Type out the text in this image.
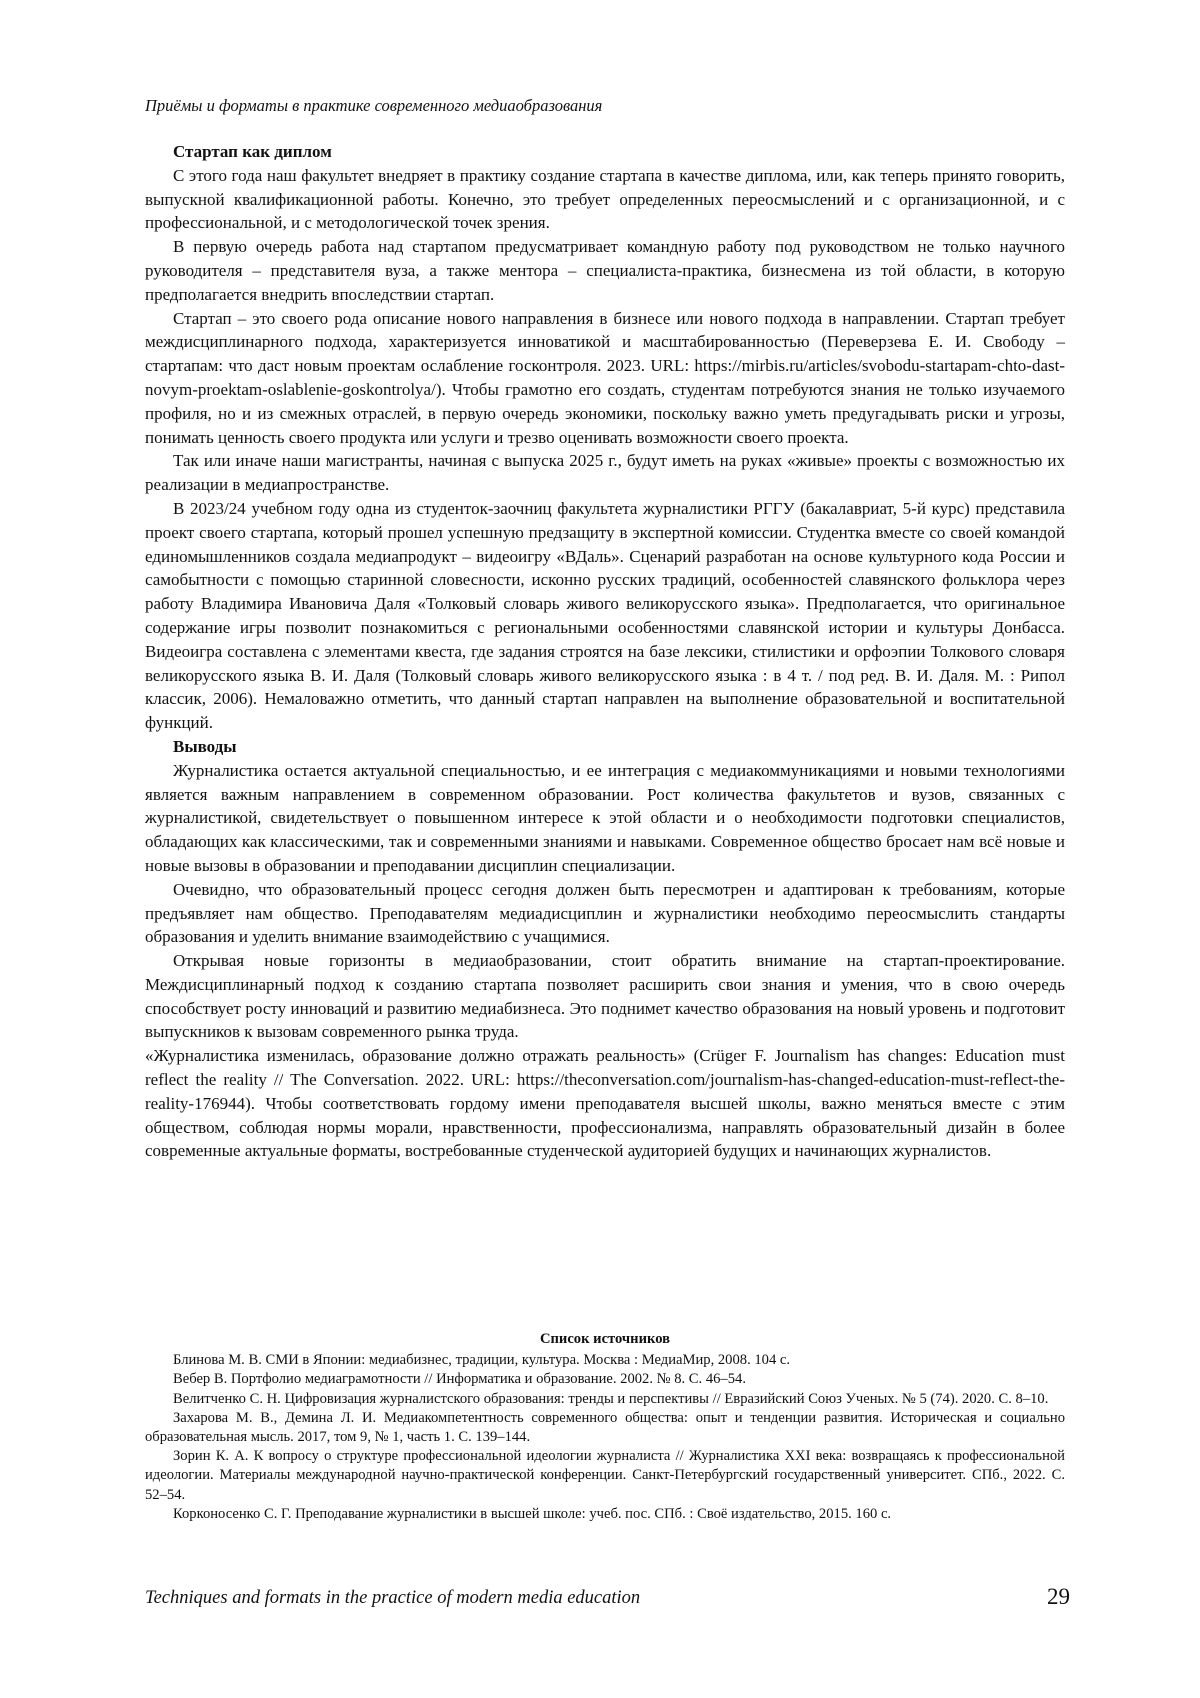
Приёмы и форматы в практике современного медиаобразования
Стартап как диплом

С этого года наш факультет внедряет в практику создание стартапа в качестве диплома, или, как теперь принято говорить, выпускной квалификационной работы. Конечно, это требует определенных переосмыслений и с организационной, и с профессиональной, и с методологической точек зрения.

В первую очередь работа над стартапом предусматривает командную работу под руководством не только научного руководителя – представителя вуза, а также ментора – специалиста-практика, бизнесмена из той области, в которую предполагается внедрить впоследствии стартап.

Стартап – это своего рода описание нового направления в бизнесе или нового подхода в направлении. Стартап требует междисциплинарного подхода, характеризуется инноватикой и масштабированностью (Переверзева Е. И. Свободу – стартапам: что даст новым проектам ослабление госконтроля. 2023. URL: https://mirbis.ru/articles/svobodu-startapam-chto-dast-novym-proektam-oslablenie-goskontrolya/). Чтобы грамотно его создать, студентам потребуются знания не только изучаемого профиля, но и из смежных отраслей, в первую очередь экономики, поскольку важно уметь предугадывать риски и угрозы, понимать ценность своего продукта или услуги и трезво оценивать возможности своего проекта.

Так или иначе наши магистранты, начиная с выпуска 2025 г., будут иметь на руках «живые» проекты с возможностью их реализации в медиапространстве.

В 2023/24 учебном году одна из студенток-заочниц факультета журналистики РГГУ (бакалавриат, 5-й курс) представила проект своего стартапа, который прошел успешную предзащиту в экспертной комиссии. Студентка вместе со своей командой единомышленников создала медиапродукт – видеоигру «ВДаль». Сценарий разработан на основе культурного кода России и самобытности с помощью старинной словесности, исконно русских традиций, особенностей славянского фольклора через работу Владимира Ивановича Даля «Толковый словарь живого великорусского языка». Предполагается, что оригинальное содержание игры позволит познакомиться с региональными особенностями славянской истории и культуры Донбасса. Видеоигра составлена с элементами квеста, где задания строятся на базе лексики, стилистики и орфоэпии Толкового словаря великорусского языка В. И. Даля (Толковый словарь живого великорусского языка : в 4 т. / под ред. В. И. Даля. М. : Рипол классик, 2006). Немаловажно отметить, что данный стартап направлен на выполнение образовательной и воспитательной функций.

Выводы

Журналистика остается актуальной специальностью, и ее интеграция с медиакоммуникациями и новыми технологиями является важным направлением в современном образовании. Рост количества факультетов и вузов, связанных с журналистикой, свидетельствует о повышенном интересе к этой области и о необходимости подготовки специалистов, обладающих как классическими, так и современными знаниями и навыками. Современное общество бросает нам всё новые и новые вызовы в образовании и преподавании дисциплин специализации.

Очевидно, что образовательный процесс сегодня должен быть пересмотрен и адаптирован к требованиям, которые предъявляет нам общество. Преподавателям медиадисциплин и журналистики необходимо переосмыслить стандарты образования и уделить внимание взаимодействию с учащимися.

Открывая новые горизонты в медиаобразовании, стоит обратить внимание на стартап-проектирование. Междисциплинарный подход к созданию стартапа позволяет расширить свои знания и умения, что в свою очередь способствует росту инноваций и развитию медиабизнеса. Это поднимет качество образования на новый уровень и подготовит выпускников к вызовам современного рынка труда.

«Журналистика изменилась, образование должно отражать реальность» (Crüger F. Journalism has changes: Education must reflect the reality // The Conversation. 2022. URL: https://theconversation.com/journalism-has-changed-education-must-reflect-the-reality-176944). Чтобы соответствовать гордому имени преподавателя высшей школы, важно меняться вместе с этим обществом, соблюдая нормы морали, нравственности, профессионализма, направлять образовательный дизайн в более современные актуальные форматы, востребованные студенческой аудиторией будущих и начинающих журналистов.

Список источников

Блинова М. В. СМИ в Японии: медиабизнес, традиции, культура. Москва : МедиаМир, 2008. 104 с.

Вебер В. Портфолио медиаграмотности // Информатика и образование. 2002. № 8. С. 46–54.

Велитченко С. Н. Цифровизация журналистского образования: тренды и перспективы // Евразийский Союз Ученых. № 5 (74). 2020. С. 8–10.

Захарова М. В., Демина Л. И. Медиакомпетентность современного общества: опыт и тенденции развития. Историческая и социально образовательная мысль. 2017, том 9, № 1, часть 1. С. 139–144.

Зорин К. А. К вопросу о структуре профессиональной идеологии журналиста // Журналистика XXI века: возвращаясь к профессиональной идеологии. Материалы международной научно-практической конференции. Санкт-Петербургский государственный университет. СПб., 2022. С. 52–54.

Корконосенко С. Г. Преподавание журналистики в высшей школе: учеб. пос. СПб. : Своё издательство, 2015. 160 с.

Techniques and formats in the practice of modern media education	29
